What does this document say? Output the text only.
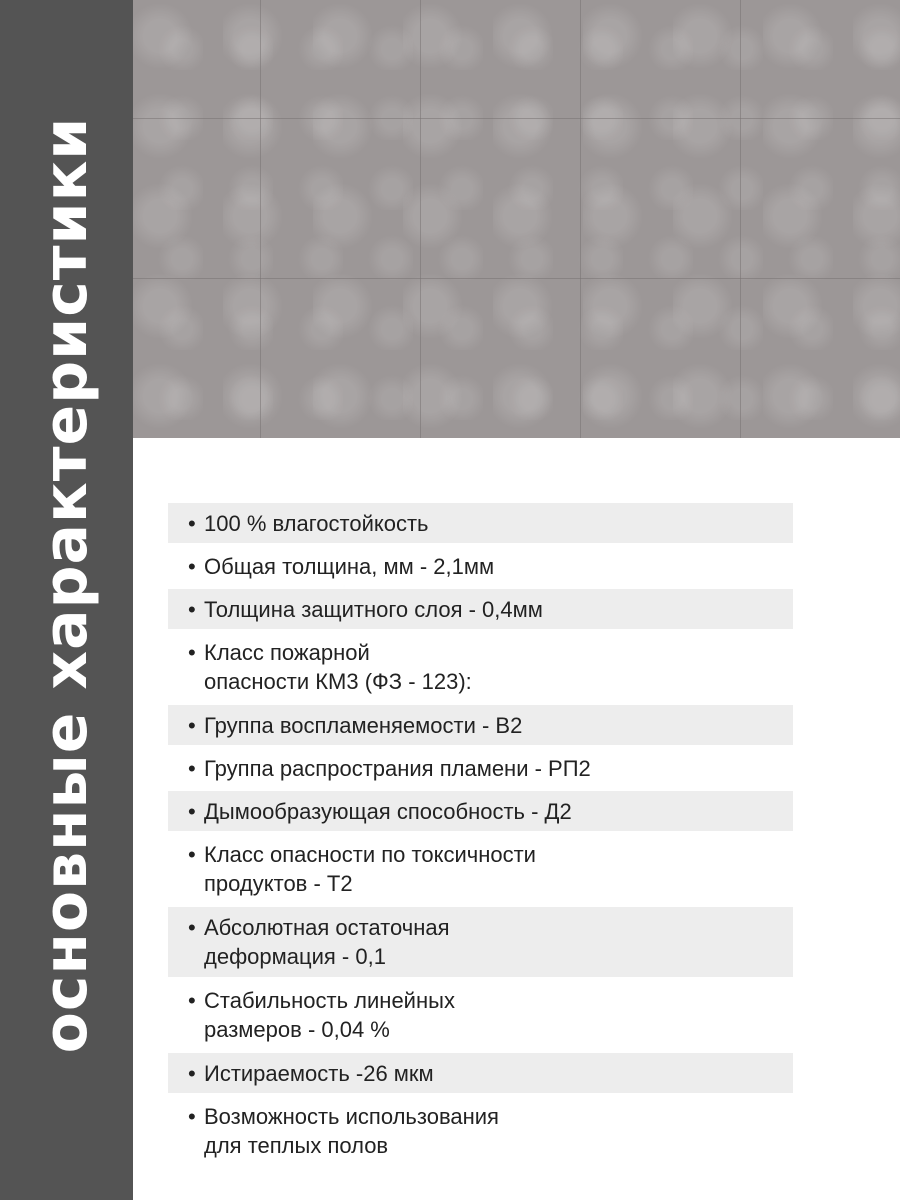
основные характеристики	• 100 % влагостойкость
• Общая толщина, мм - 2,1мм
• Толщина защитного слоя - 0,4мм
• Класс пожарной
опасности КМ3 (ФЗ - 123):
• Группа воспламеняемости - В2
• Группа распространия пламени - РП2
• Дымообразующая способность - Д2
• Класс опасности по токсичности
продуктов - Т2
• Абсолютная остаточная
деформация - 0,1
• Стабильность линейных
размеров - 0,04 %
• Истираемость -26 мкм
• Возможность использования
для теплых полов
